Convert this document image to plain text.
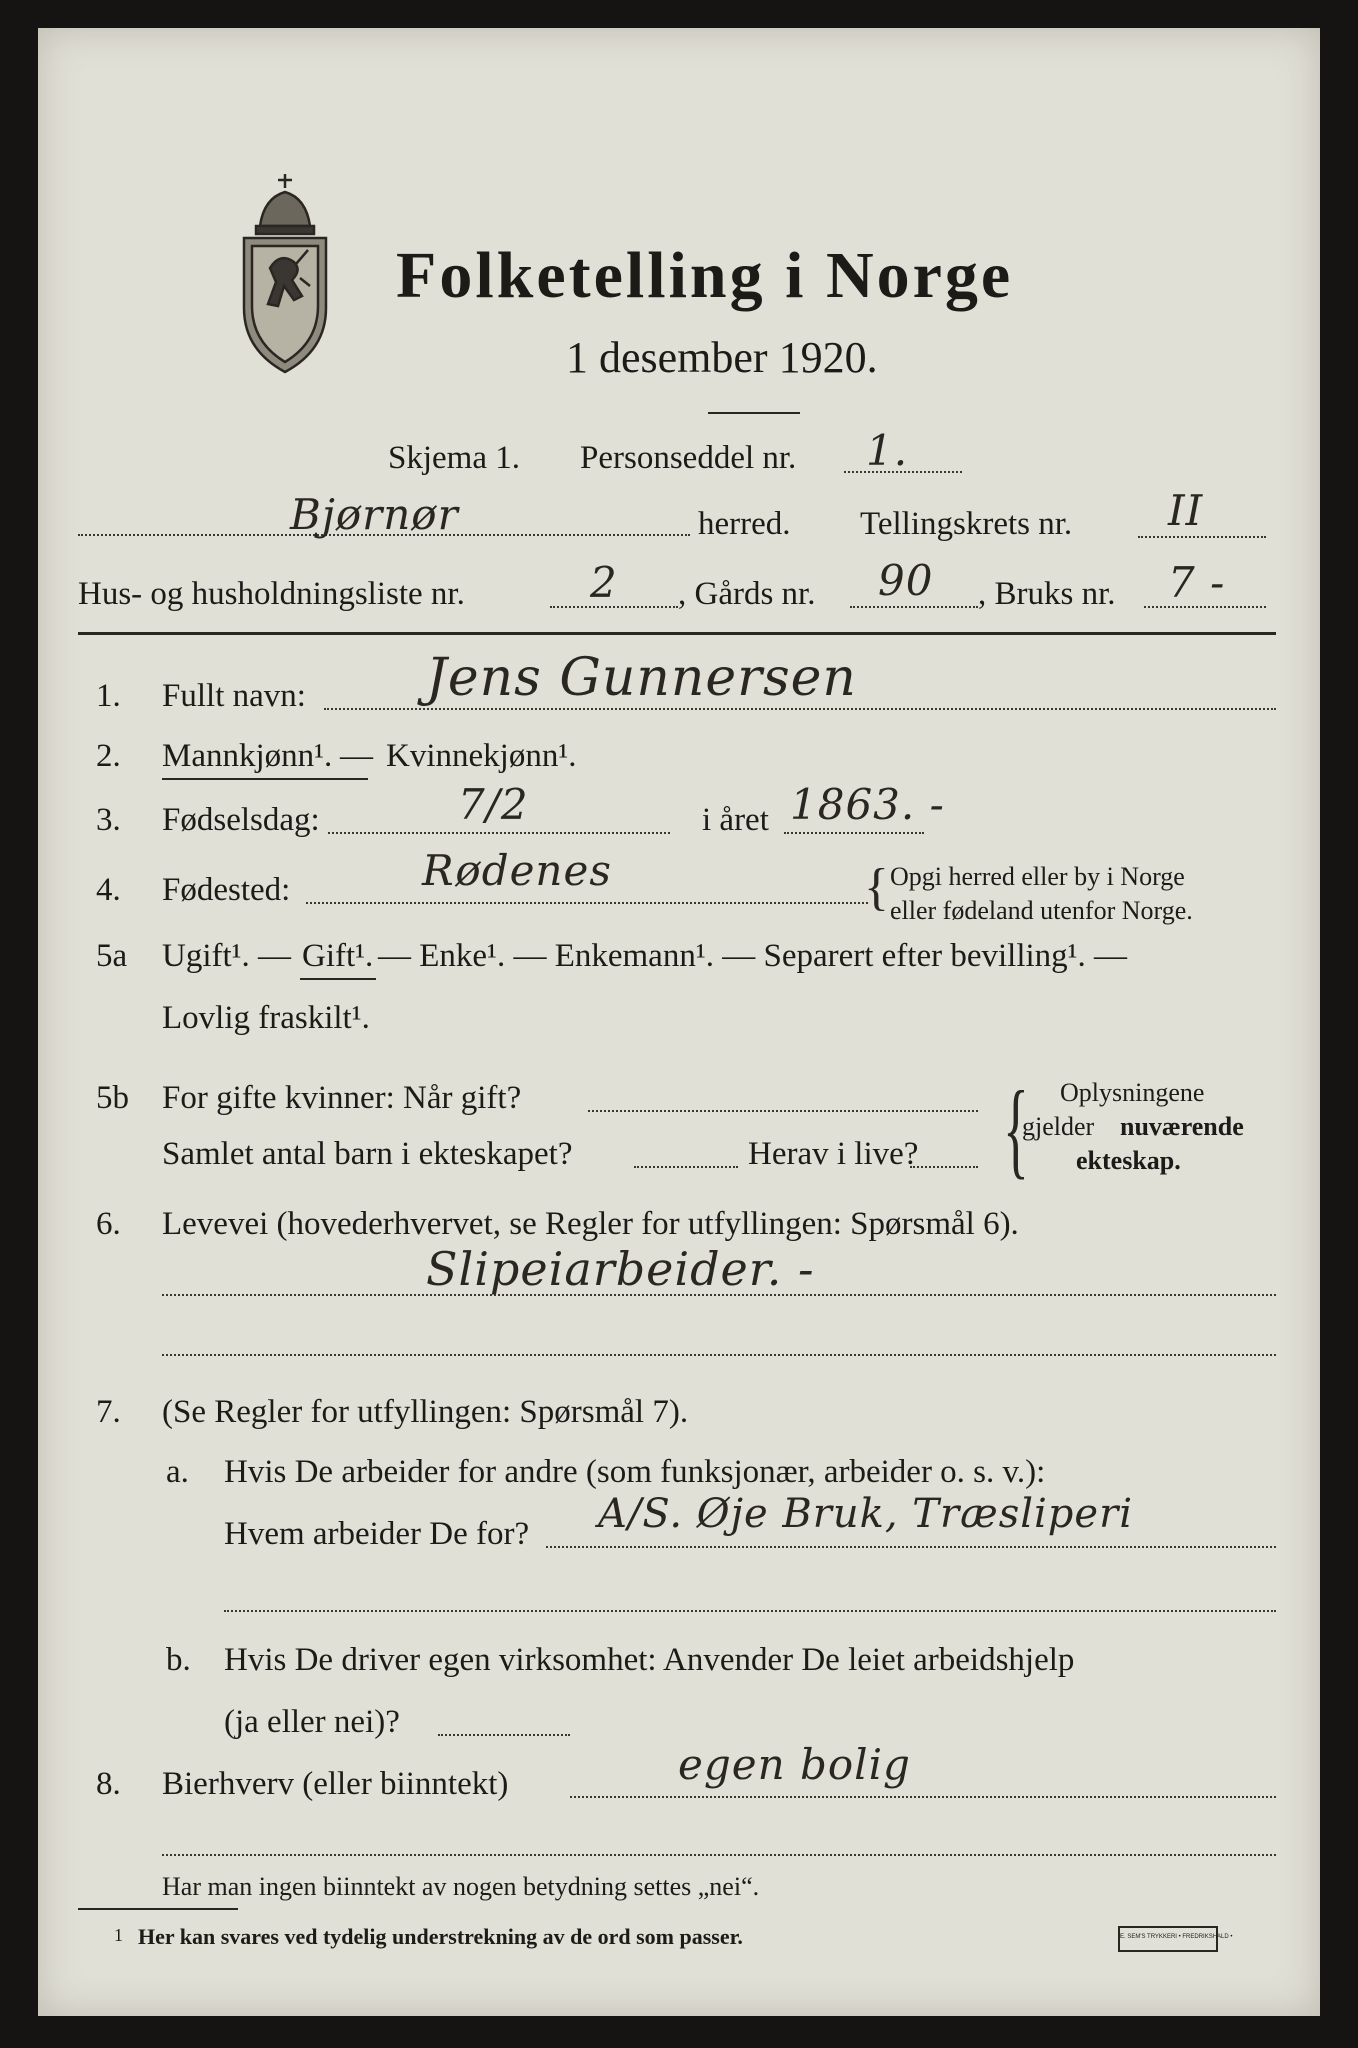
Folketelling i Norge
1 desember 1920.
Skjema 1. Personseddel nr. 1.
Bjørnør	herred. Tellingskrets nr. II
Hus- og husholdningsliste nr.	2 , Gårds nr. 90 , Bruks nr. 7 -
1. Fullt navn: Jens Gunnersen
2. Mannkjønn¹. — Kvinnekjønn¹.
3. Fødselsdag:	7/2	i året 1863. -
4. Fødested:	Rødenes	{ Opgi herred eller by i Norge
eller fødeland utenfor Norge.
5a Ugift¹. — Gift¹. — Enke¹. — Enkemann¹. — Separert efter bevilling¹. —
Lovlig fraskilt¹.
5b For gifte kvinner: Når gift?
Samlet antal barn i ekteskapet?	Herav i live? { Oplysningene
gjelder nuværende
ekteskap.
6. Levevei (hovederhvervet, se Regler for utfyllingen: Spørsmål 6).
Slipeiarbeider. -
7. (Se Regler for utfyllingen: Spørsmål 7).
a. Hvis De arbeider for andre (som funksjonær, arbeider o. s. v.):
Hvem arbeider De for? A/S. Øje Bruk, Træsliperi
b. Hvis De driver egen virksomhet: Anvender De leiet arbeidshjelp
(ja eller nei)?
8. Bierhverv (eller biinntekt)	egen bolig
Har man ingen biinntekt av nogen betydning settes „nei“.
1 Her kan svares ved tydelig understrekning av de ord som passer.	E. SEM'S TRYKKERI • FREDRIKSHALD •
